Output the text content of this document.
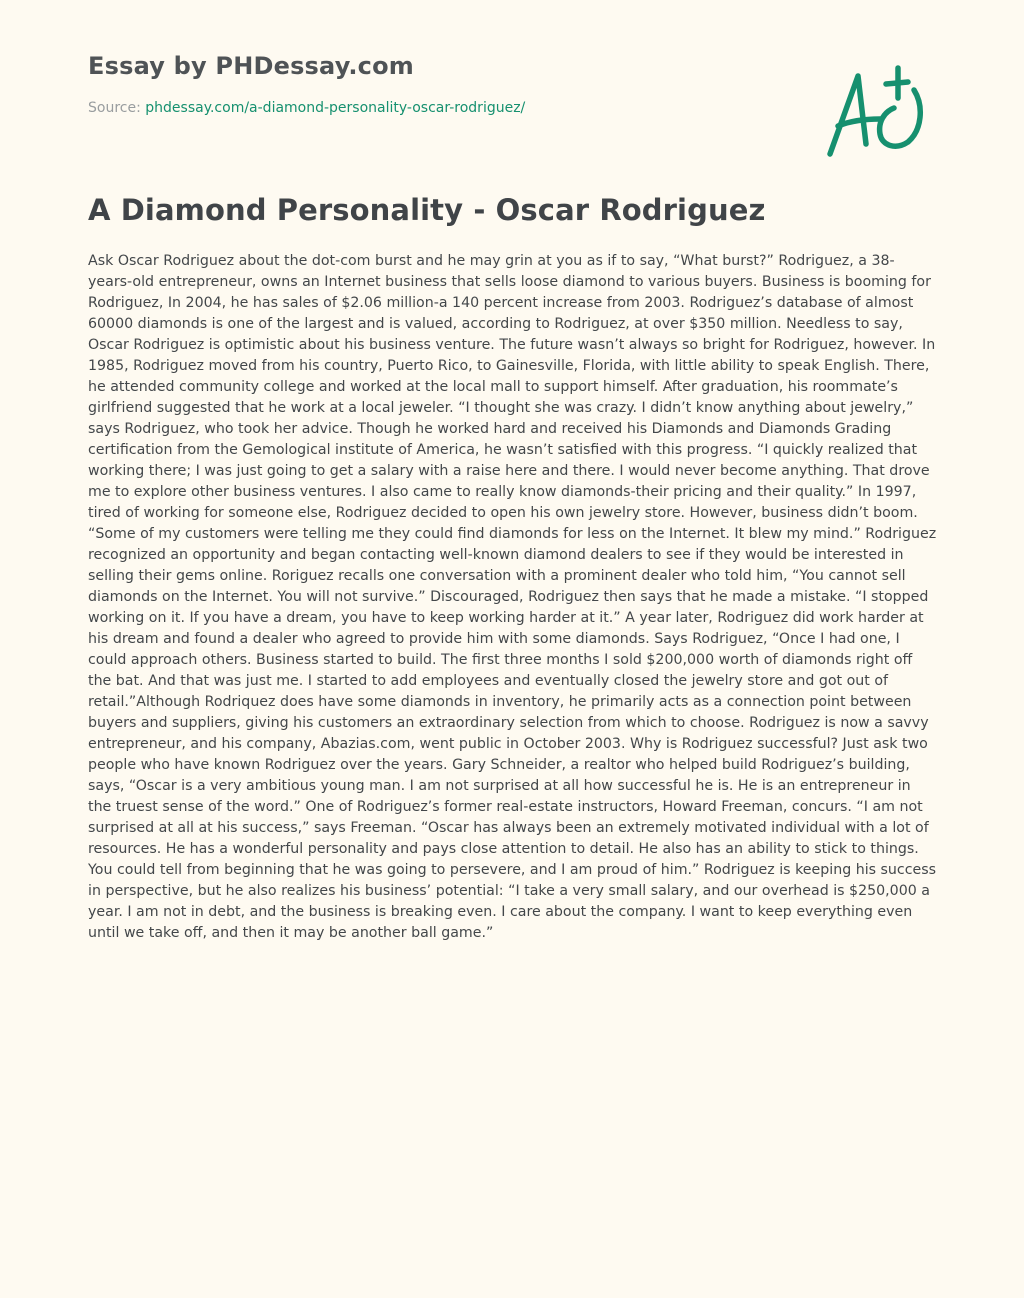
Essay by PHDessay.com
Source: phdessay.com/a-diamond-personality-oscar-rodriguez/
A Diamond Personality - Oscar Rodriguez

Ask Oscar Rodriguez about the dot-com burst and he may grin at you as if to say, “What burst?” Rodriguez, a 38-years-old entrepreneur, owns an Internet business that sells loose diamond to various buyers. Business is booming for Rodriguez, In 2004, he has sales of $2.06 million-a 140 percent increase from 2003. Rodriguez’s database of almost 60000 diamonds is one of the largest and is valued, according to Rodriguez, at over $350 million. Needless to say, Oscar Rodriguez is optimistic about his business venture. The future wasn’t always so bright for Rodriguez, however. In 1985, Rodriguez moved from his country, Puerto Rico, to Gainesville, Florida, with little ability to speak English. There, he attended community college and worked at the local mall to support himself. After graduation, his roommate’s girlfriend suggested that he work at a local jeweler. “I thought she was crazy. I didn’t know anything about jewelry,” says Rodriguez, who took her advice. Though he worked hard and received his Diamonds and Diamonds Grading certification from the Gemological institute of America, he wasn’t satisfied with this progress. “I quickly realized that working there; I was just going to get a salary with a raise here and there. I would never become anything. That drove me to explore other business ventures. I also came to really know diamonds-their pricing and their quality.” In 1997, tired of working for someone else, Rodriguez decided to open his own jewelry store. However, business didn’t boom. “Some of my customers were telling me they could find diamonds for less on the Internet. It blew my mind.” Rodriguez recognized an opportunity and began contacting well-known diamond dealers to see if they would be interested in selling their gems online. Roriguez recalls one conversation with a prominent dealer who told him, “You cannot sell diamonds on the Internet. You will not survive.” Discouraged, Rodriguez then says that he made a mistake. “I stopped working on it. If you have a dream, you have to keep working harder at it.” A year later, Rodriguez did work harder at his dream and found a dealer who agreed to provide him with some diamonds. Says Rodriguez, “Once I had one, I could approach others. Business started to build. The first three months I sold $200,000 worth of diamonds right off the bat. And that was just me. I started to add employees and eventually closed the jewelry store and got out of retail.”Although Rodriquez does have some diamonds in inventory, he primarily acts as a connection point between buyers and suppliers, giving his customers an extraordinary selection from which to choose. Rodriguez is now a savvy entrepreneur, and his company, Abazias.com, went public in October 2003. Why is Rodriguez successful? Just ask two people who have known Rodriguez over the years. Gary Schneider, a realtor who helped build Rodriguez’s building, says, “Oscar is a very ambitious young man. I am not surprised at all how successful he is. He is an entrepreneur in the truest sense of the word.” One of Rodriguez’s former real-estate instructors, Howard Freeman, concurs. “I am not surprised at all at his success,” says Freeman. “Oscar has always been an extremely motivated individual with a lot of resources. He has a wonderful personality and pays close attention to detail. He also has an ability to stick to things. You could tell from beginning that he was going to persevere, and I am proud of him.” Rodriguez is keeping his success in perspective, but he also realizes his business’ potential: “I take a very small salary, and our overhead is $250,000 a year. I am not in debt, and the business is breaking even. I care about the company. I want to keep everything even until we take off, and then it may be another ball game.”
